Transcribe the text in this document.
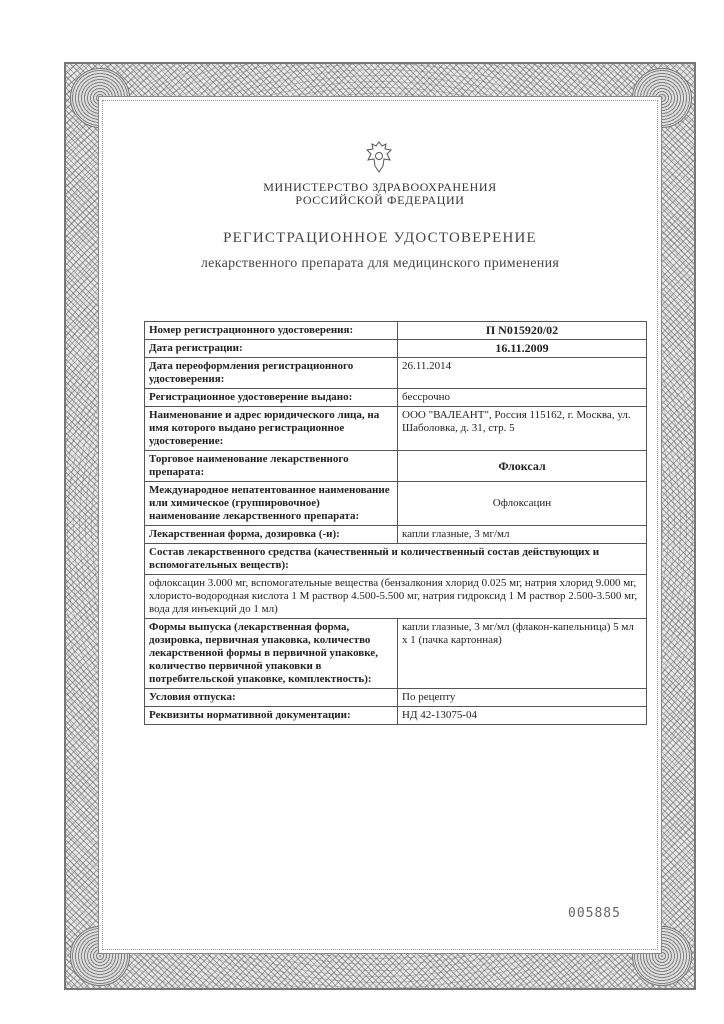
МИНИСТЕРСТВО ЗДРАВООХРАНЕНИЯ
РОССИЙСКОЙ ФЕДЕРАЦИИ
РЕГИСТРАЦИОННОЕ УДОСТОВЕРЕНИЕ
лекарственного препарата для медицинского применения
Номер регистрационного удостоверения:	П N015920/02
Дата регистрации:	16.11.2009
Дата переоформления регистрационного удостоверения:	26.11.2014
Регистрационное удостоверение выдано:	бессрочно
Наименование и адрес юридического лица, на имя которого выдано регистрационное удостоверение:	ООО "ВАЛЕАНТ", Россия 115162, г. Москва, ул. Шаболовка, д. 31, стр. 5
Торговое наименование лекарственного препарата:	Флоксал
Международное непатентованное наименование или химическое (группировочное) наименование лекарственного препарата:	Офлоксацин
Лекарственная форма, дозировка (-и):	капли глазные, 3 мг/мл
Состав лекарственного средства (качественный и количественный состав действующих и вспомогательных веществ):	
офлоксацин 3.000 мг, вспомогательные вещества (бензалкония хлорид 0.025 мг, натрия хлорид 9.000 мг, хлористо-водородная кислота 1 М раствор 4.500-5.500 мг, натрия гидроксид 1 М раствор 2.500-3.500 мг, вода для инъекций до 1 мл)	
Формы выпуска (лекарственная форма, дозировка, первичная упаковка, количество лекарственной формы в первичной упаковке, количество первичной упаковки в потребительской упаковке, комплектность):	капли глазные, 3 мг/мл (флакон-капельница) 5 мл х 1 (пачка картонная)
Условия отпуска:	По рецепту
Реквизиты нормативной документации:	НД 42-13075-04
005885
